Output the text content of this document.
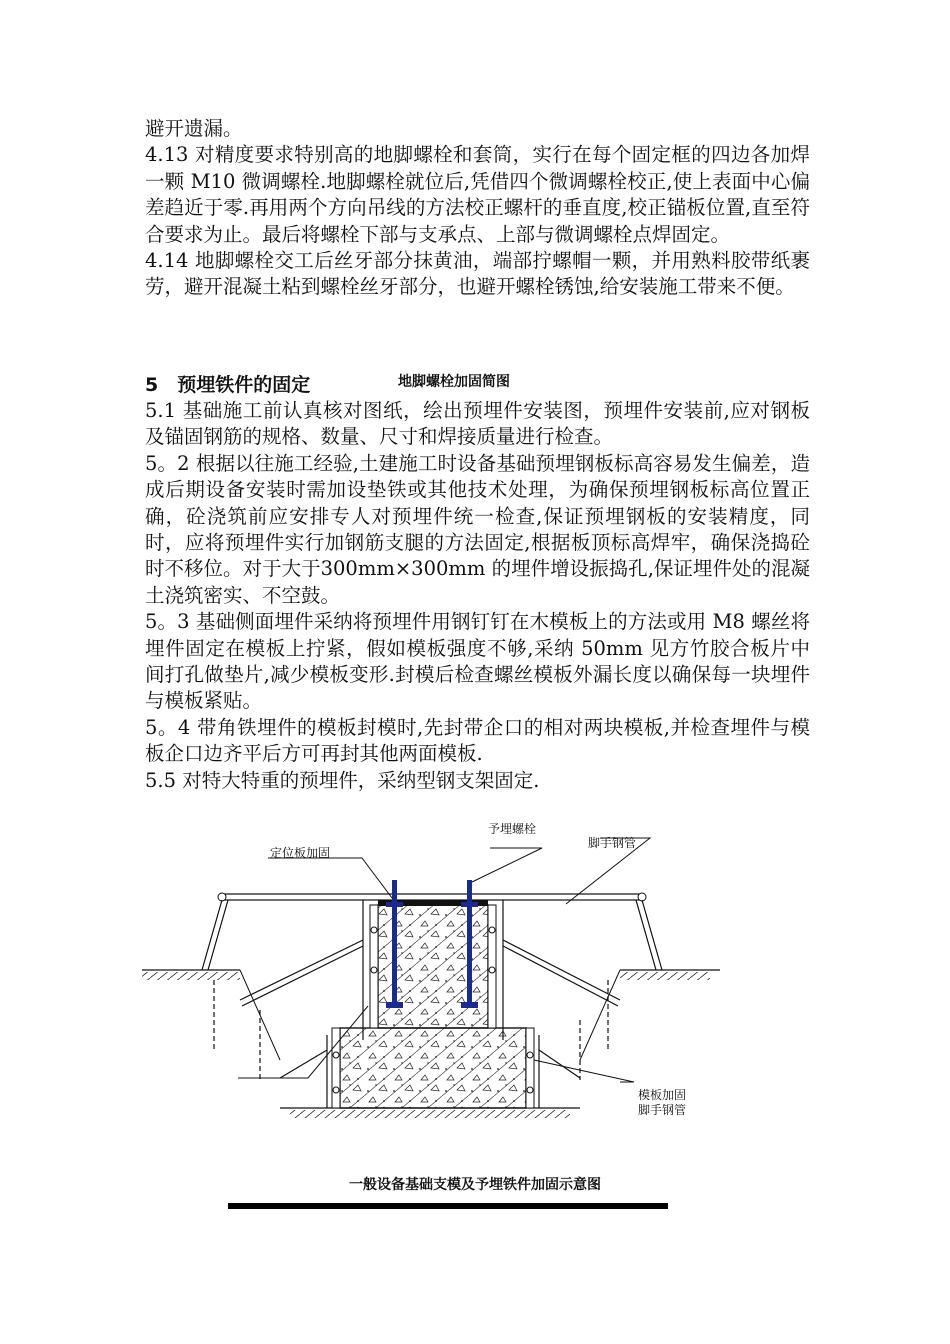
避开遗漏。

4.13 对精度要求特别高的地脚螺栓和套筒，实行在每个固定框的四边各加焊一颗 M10 微调螺栓.地脚螺栓就位后,凭借四个微调螺栓校正,使上表面中心偏差趋近于零.再用两个方向吊线的方法校正螺杆的垂直度,校正锚板位置,直至符合要求为止。最后将螺栓下部与支承点、上部与微调螺栓点焊固定。

4.14 地脚螺栓交工后丝牙部分抹黄油，端部拧螺帽一颗，并用熟料胶带纸裹劳，避开混凝土粘到螺栓丝牙部分，也避开螺栓锈蚀,给安装施工带来不便。

5　预埋铁件的固定	地脚螺栓加固简图

5.1 基础施工前认真核对图纸，绘出预埋件安装图，预埋件安装前,应对钢板及锚固钢筋的规格、数量、尺寸和焊接质量进行检查。

5。2 根据以往施工经验,土建施工时设备基础预埋钢板标高容易发生偏差，造成后期设备安装时需加设垫铁或其他技术处理，为确保预埋钢板标高位置正确，砼浇筑前应安排专人对预埋件统一检查,保证预埋钢板的安装精度，同时，应将预埋件实行加钢筋支腿的方法固定,根据板顶标高焊牢，确保浇捣砼时不移位。对于大于300mm×300mm 的埋件增设振捣孔,保证埋件处的混凝土浇筑密实、不空鼓。

5。3 基础侧面埋件采纳将预埋件用钢钉钉在木模板上的方法或用 M8 螺丝将埋件固定在模板上拧紧，假如模板强度不够,采纳 50mm 见方竹胶合板片中间打孔做垫片,减少模板变形.封模后检查螺丝模板外漏长度以确保每一块埋件与模板紧贴。

5。4 带角铁埋件的模板封模时,先封带企口的相对两块模板,并检查埋件与模板企口边齐平后方可再封其他两面模板.

5.5 对特大特重的预埋件，采纳型钢支架固定.

予埋螺栓
脚手钢管
定位板加固
模板加固
脚手钢管
一般设备基础支模及予埋铁件加固示意图
